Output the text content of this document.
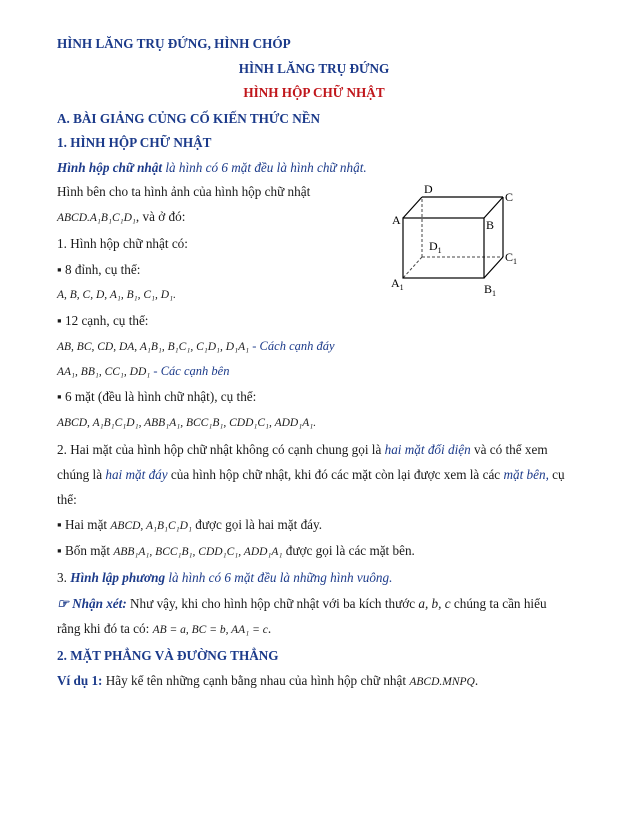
HÌNH LĂNG TRỤ ĐỨNG, HÌNH CHÓP
HÌNH LĂNG TRỤ ĐỨNG
HÌNH HỘP CHỮ NHẬT
A. BÀI GIẢNG CỦNG CỐ KIẾN THỨC NỀN
1. HÌNH HỘP CHỮ NHẬT
Hình hộp chữ nhật là hình có 6 mặt đều là hình chữ nhật.
Hình bên cho ta hình ảnh của hình hộp chữ nhật
ABCD.A₁B₁C₁D₁, và ở đó:
1. Hình hộp chữ nhật có:
▪ 8 đỉnh, cụ thể:
A, B, C, D, A₁, B₁, C₁, D₁.
▪ 12 cạnh, cụ thể:
AB, BC, CD, DA, A₁B₁, B₁C₁, C₁D₁, D₁A₁ - Cách cạnh đáy
AA₁, BB₁, CC₁, DD₁ - Các cạnh bên
▪ 6 mặt (đều là hình chữ nhật), cụ thể:
ABCD, A₁B₁C₁D₁, ABB₁A₁, BCC₁B₁, CDD₁C₁, ADD₁A₁.
2. Hai mặt của hình hộp chữ nhật không có cạnh chung gọi là hai mặt đối diện và có thể xem
chúng là hai mặt đáy của hình hộp chữ nhật, khi đó các mặt còn lại được xem là các mặt bên, cụ
thể:
▪ Hai mặt ABCD, A₁B₁C₁D₁ được gọi là hai mặt đáy.
▪ Bốn mặt ABB₁A₁, BCC₁B₁, CDD₁C₁, ADD₁A₁ được gọi là các mặt bên.
3. Hình lập phương là hình có 6 mặt đều là những hình vuông.
☞ Nhận xét: Như vậy, khi cho hình hộp chữ nhật với ba kích thước a, b, c chúng ta cần hiểu
rằng khi đó ta có: AB = a, BC = b, AA₁ = c.
2. MẶT PHẲNG VÀ ĐƯỜNG THẲNG
Ví dụ 1: Hãy kể tên những cạnh bằng nhau của hình hộp chữ nhật ABCD.MNPQ.
D
C
A	B
$D_1$	$C_1$
$A_1$	$B_1$
